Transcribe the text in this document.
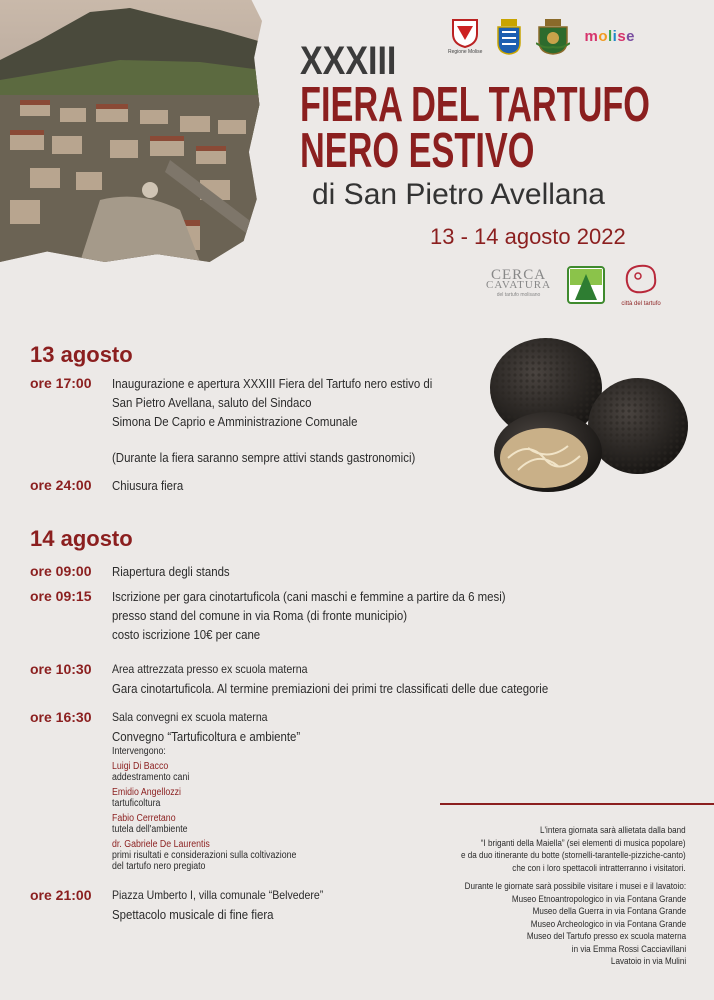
Regione Molise
molise
XXXIII
FIERA DEL TARTUFO
NERO ESTIVO
di San Pietro Avellana
13 - 14 agosto 2022
CERCA
CAVATURA
del tartufo molisano
città del tartufo
13 agosto
ore 17:00 Inaugurazione e apertura XXXIII Fiera del Tartufo nero estivo di
San Pietro Avellana, saluto del Sindaco
Simona De Caprio e Amministrazione Comunale
(Durante la fiera saranno sempre attivi stands gastronomici)
ore 24:00 Chiusura fiera
14 agosto
ore 09:00 Riapertura degli stands
ore 09:15 Iscrizione per gara cinotartuficola (cani maschi e femmine a partire da 6 mesi)
presso stand del comune in via Roma (di fronte municipio)
costo iscrizione 10€ per cane
ore 10:30 Area attrezzata presso ex scuola materna
Gara cinotartuficola. Al termine premiazioni dei primi tre classificati delle due categorie
ore 16:30 Sala convegni ex scuola materna
Convegno “Tartuficoltura e ambiente”
Intervengono:
Luigi Di Bacco
addestramento cani
Emidio Angellozzi
tartuficoltura
Fabio Cerretano
tutela dell'ambiente
dr. Gabriele De Laurentis
primi risultati e considerazioni sulla coltivazione
del tartufo nero pregiato
ore 21:00 Piazza Umberto I, villa comunale “Belvedere”
Spettacolo musicale di fine fiera
L'intera giornata sarà allietata dalla band
“I briganti della Maiella” (sei elementi di musica popolare)
e da duo itinerante du botte (stornelli-tarantelle-pizziche-canto)
che con i loro spettacoli intratterranno i visitatori.
Durante le giornate sarà possibile visitare i musei e il lavatoio:
Museo Etnoantropologico in via Fontana Grande
Museo della Guerra in via Fontana Grande
Museo Archeologico in via Fontana Grande
Museo del Tartufo presso ex scuola materna
in via Emma Rossi Cacciavillani
Lavatoio in via Mulini
